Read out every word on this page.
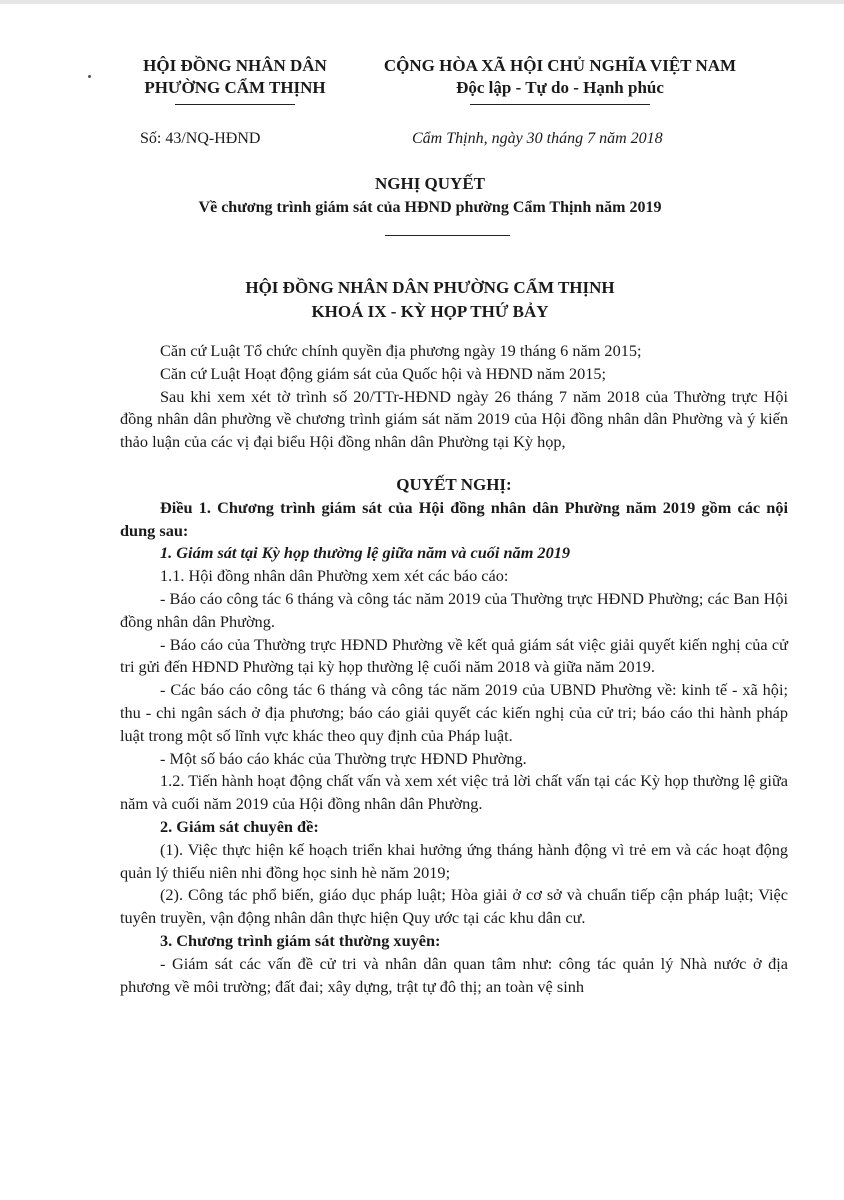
HỘI ĐỒNG NHÂN DÂN
PHƯỜNG CẨM THỊNH
CỘNG HÒA XÃ HỘI CHỦ NGHĨA VIỆT NAM
Độc lập - Tự do - Hạnh phúc
Số: 43/NQ-HĐND	Cẩm Thịnh, ngày 30 tháng 7 năm 2018
NGHỊ QUYẾT
Về chương trình giám sát của HĐND phường Cẩm Thịnh năm 2019
HỘI ĐỒNG NHÂN DÂN PHƯỜNG CẨM THỊNH
KHOÁ IX - KỲ HỌP THỨ BẢY

Căn cứ Luật Tổ chức chính quyền địa phương ngày 19 tháng 6 năm 2015;

Căn cứ Luật Hoạt động giám sát của Quốc hội và HĐND năm 2015;

Sau khi xem xét tờ trình số 20/TTr-HĐND ngày 26 tháng 7 năm 2018 của Thường trực Hội đồng nhân dân phường về chương trình giám sát năm 2019 của Hội đồng nhân dân Phường và ý kiến thảo luận của các vị đại biểu Hội đồng nhân dân Phường tại Kỳ họp,

QUYẾT NGHỊ:

Điều 1. Chương trình giám sát của Hội đồng nhân dân Phường năm 2019 gồm các nội dung sau:

1. Giám sát tại Kỳ họp thường lệ giữa năm và cuối năm 2019

1.1. Hội đồng nhân dân Phường xem xét các báo cáo:

- Báo cáo công tác 6 tháng và công tác năm 2019 của Thường trực HĐND Phường; các Ban Hội đồng nhân dân Phường.

- Báo cáo của Thường trực HĐND Phường về kết quả giám sát việc giải quyết kiến nghị của cử tri gửi đến HĐND Phường tại kỳ họp thường lệ cuối năm 2018 và giữa năm 2019.

- Các báo cáo công tác 6 tháng và công tác năm 2019 của UBND Phường về: kinh tế - xã hội; thu - chi ngân sách ở địa phương; báo cáo giải quyết các kiến nghị của cử tri; báo cáo thi hành pháp luật trong một số lĩnh vực khác theo quy định của Pháp luật.

- Một số báo cáo khác của Thường trực HĐND Phường.

1.2. Tiến hành hoạt động chất vấn và xem xét việc trả lời chất vấn tại các Kỳ họp thường lệ giữa năm và cuối năm 2019 của Hội đồng nhân dân Phường.

2. Giám sát chuyên đề:

(1). Việc thực hiện kế hoạch triển khai hưởng ứng tháng hành động vì trẻ em và các hoạt động quản lý thiếu niên nhi đồng học sinh hè năm 2019;

(2). Công tác phổ biến, giáo dục pháp luật; Hòa giải ở cơ sở và chuẩn tiếp cận pháp luật; Việc tuyên truyền, vận động nhân dân thực hiện Quy ước tại các khu dân cư.

3. Chương trình giám sát thường xuyên:

- Giám sát các vấn đề cử tri và nhân dân quan tâm như: công tác quản lý Nhà nước ở địa phương về môi trường; đất đai; xây dựng, trật tự đô thị; an toàn vệ sinh
